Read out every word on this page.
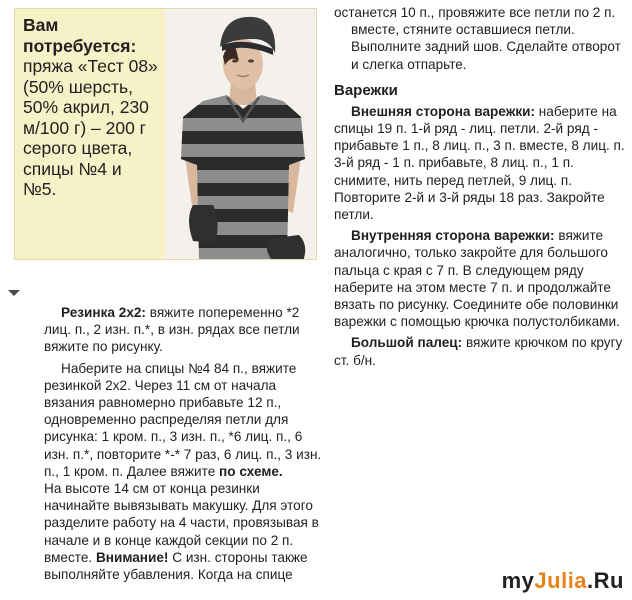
Вам потребуется:
пряжа «Тест 08» (50% шерсть, 50% акрил, 230 м/100 г) – 200 г серого цвета, спицы №4 и №5.

Резинка 2х2: вяжите попеременно *2 лиц. п., 2 изн. п.*, в изн. рядах все петли вяжите по рисунку.

Наберите на спицы №4 84 п., вяжите резинкой 2х2. Через 11 см от начала вязания равномерно прибавьте 12 п., одновременно распределяя петли для рисунка: 1 кром. п., 3 изн. п., *6 лиц. п., 6 изн. п.*, повторите *-* 7 раз, 6 лиц. п., 3 изн. п., 1 кром. п. Далее вяжите по схеме.

На высоте 14 см от конца резинки начинайте вывязывать макушку. Для этого разделите работу на 4 части, провязывая в начале и в конце каждой секции по 2 п. вместе. Внимание! С изн. стороны также выполняйте убавления. Когда на спице

останется 10 п., провяжите все петли по 2 п. вместе, стяните оставшиеся петли. Выполните задний шов. Сделайте отворот и слегка отпарьте.

Варежки

Внешняя сторона варежки: наберите на спицы 19 п. 1-й ряд - лиц. петли. 2-й ряд - прибавьте 1 п., 8 лиц. п., 3 п. вместе, 8 лиц. п. 3-й ряд - 1 п. прибавьте, 8 лиц. п., 1 п. снимите, нить перед петлей, 9 лиц. п. Повторите 2-й и 3-й ряды 18 раз. Закройте петли.

Внутренняя сторона варежки: вяжите аналогично, только закройте для большого пальца с края с 7 п. В следующем ряду наберите на этом месте 7 п. и продолжайте вязать по рисунку. Соедините обе половинки варежки с помощью крючка полустолбиками.

Большой палец: вяжите крючком по кругу ст. б/н.

myJulia.Ru
